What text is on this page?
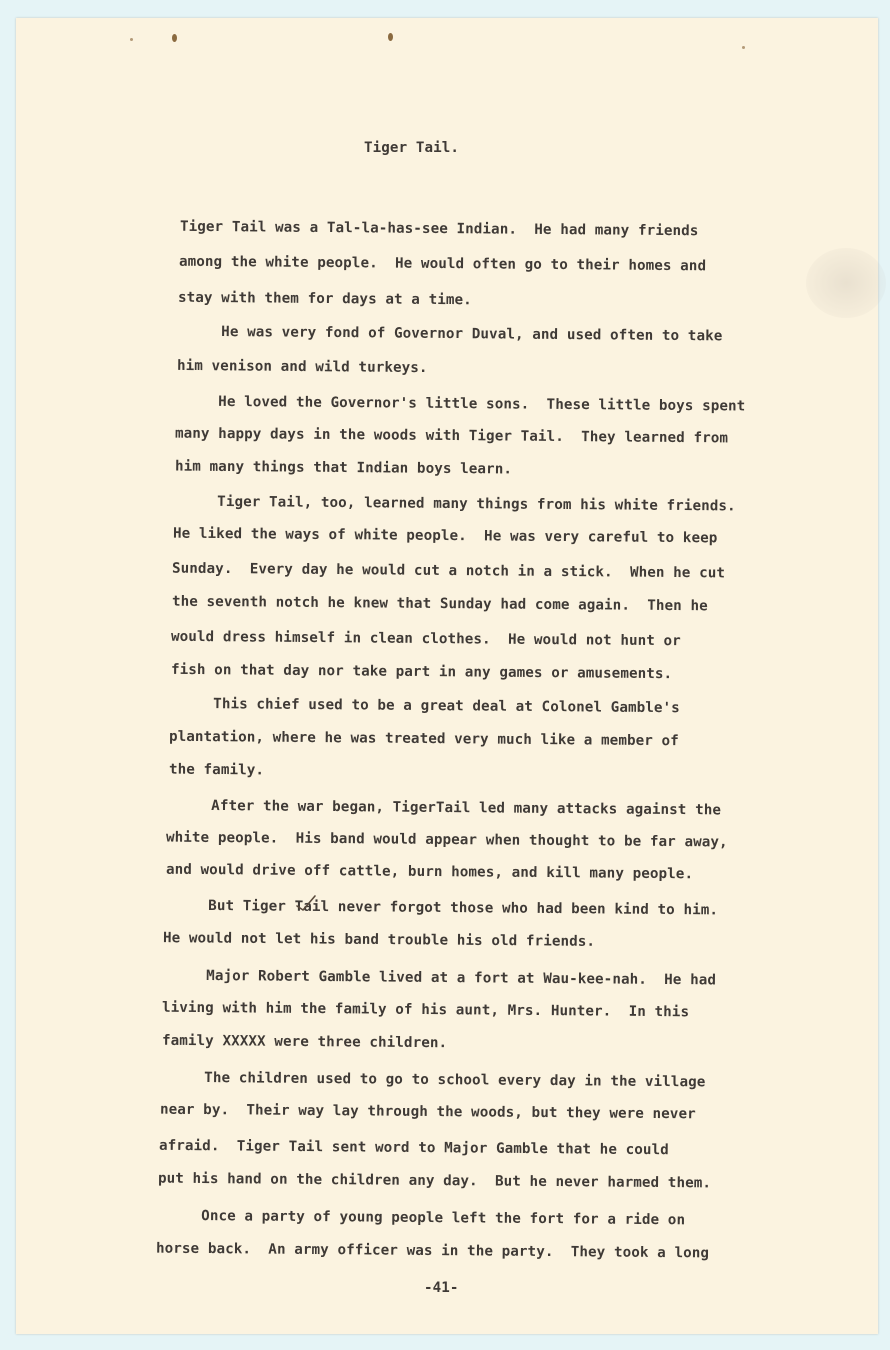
Tiger Tail.
Tiger Tail was a Tal-la-has-see Indian.  He had many friends
among the white people.  He would often go to their homes and
stay with them for days at a time.
He was very fond of Governor Duval, and used often to take
him venison and wild turkeys.
He loved the Governor's little sons.  These little boys spent
many happy days in the woods with Tiger Tail.  They learned from
him many things that Indian boys learn.
Tiger Tail, too, learned many things from his white friends.
He liked the ways of white people.  He was very careful to keep
Sunday.  Every day he would cut a notch in a stick.  When he cut
the seventh notch he knew that Sunday had come again.  Then he
would dress himself in clean clothes.  He would not hunt or
fish on that day nor take part in any games or amusements.
This chief used to be a great deal at Colonel Gamble's
plantation, where he was treated very much like a member of
the family.
After the war began, TigerTail led many attacks against the
white people.  His band would appear when thought to be far away,
and would drive off cattle, burn homes, and kill many people.
But Tiger Tail never forgot those who had been kind to him.
He would not let his band trouble his old friends.
Major Robert Gamble lived at a fort at Wau-kee-nah.  He had
living with him the family of his aunt, Mrs. Hunter.  In this
family XXXXX were three children.
The children used to go to school every day in the village
near by.  Their way lay through the woods, but they were never
afraid.  Tiger Tail sent word to Major Gamble that he could
put his hand on the children any day.  But he never harmed them.
Once a party of young people left the fort for a ride on
horse back.  An army officer was in the party.  They took a long
-41-
